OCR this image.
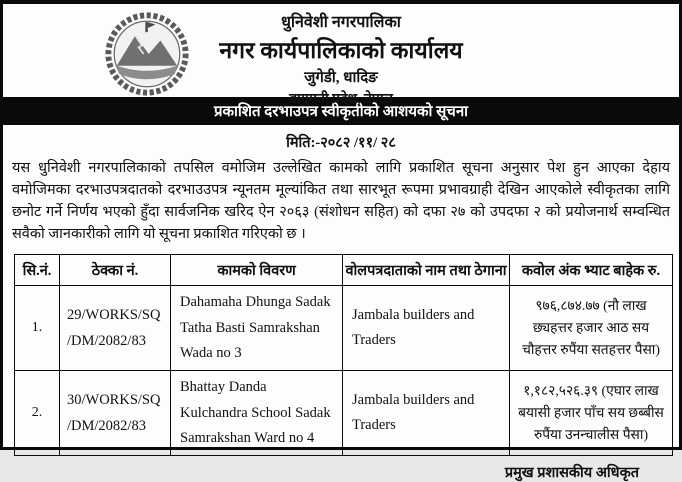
धुनिवेशी नगरपालिका
नगर कार्यपालिकाको कार्यालय
जुगेडी, धादिङ
बागमती प्रदेश, नेपाल
प्रकाशित दरभाउपत्र स्वीकृतीको आशयको सूचना
मिति:-२०८२ /११/ २८
यस धुनिवेशी नगरपालिकाको तपसिल वमोजिम उल्लेखित कामको लागि प्रकाशित सूचना अनुसार पेश हुन आएका देहाय वमोजिमका दरभाउपत्रदातको दरभाउउपत्र न्यूनतम मूल्यांकित तथा सारभूत रूपमा प्रभावग्राही देखिन आएकोले स्वीकृतका लागि छनोट गर्ने निर्णय भएको हुँदा सार्वजनिक खरिद ऐन २०६३ (संशोधन सहित) को दफा २७ को उपदफा २ को प्रयोजनार्थ सम्वन्धित सवैको जानकारीको लागि यो सूचना प्रकाशित गरिएको छ ।
सि.नं.	ठेक्का नं.	कामको विवरण	वोलपत्रदाताको नाम तथा ठेगाना	कवोल अंक भ्याट बाहेक रु.
1.	29/WORKS/SQ/DM/2082/83	Dahamaha Dhunga Sadak Tatha Basti Samrakshan Wada no 3	Jambala builders and Traders	९७६,८७४.७७ (नौ लाख छ्यहत्तर हजार आठ सय चौहत्तर रुपैंया सतहत्तर पैसा)
2.	30/WORKS/SQ/DM/2082/83	Bhattay Danda Kulchandra School Sadak Samrakshan Ward no 4	Jambala builders and Traders	१,१८२,५२६.३९ (एघार लाख बयासी हजार पाँच सय छब्बीस रुपैंया उनन्चालीस पैसा)
प्रमुख प्रशासकीय अधिकृत
